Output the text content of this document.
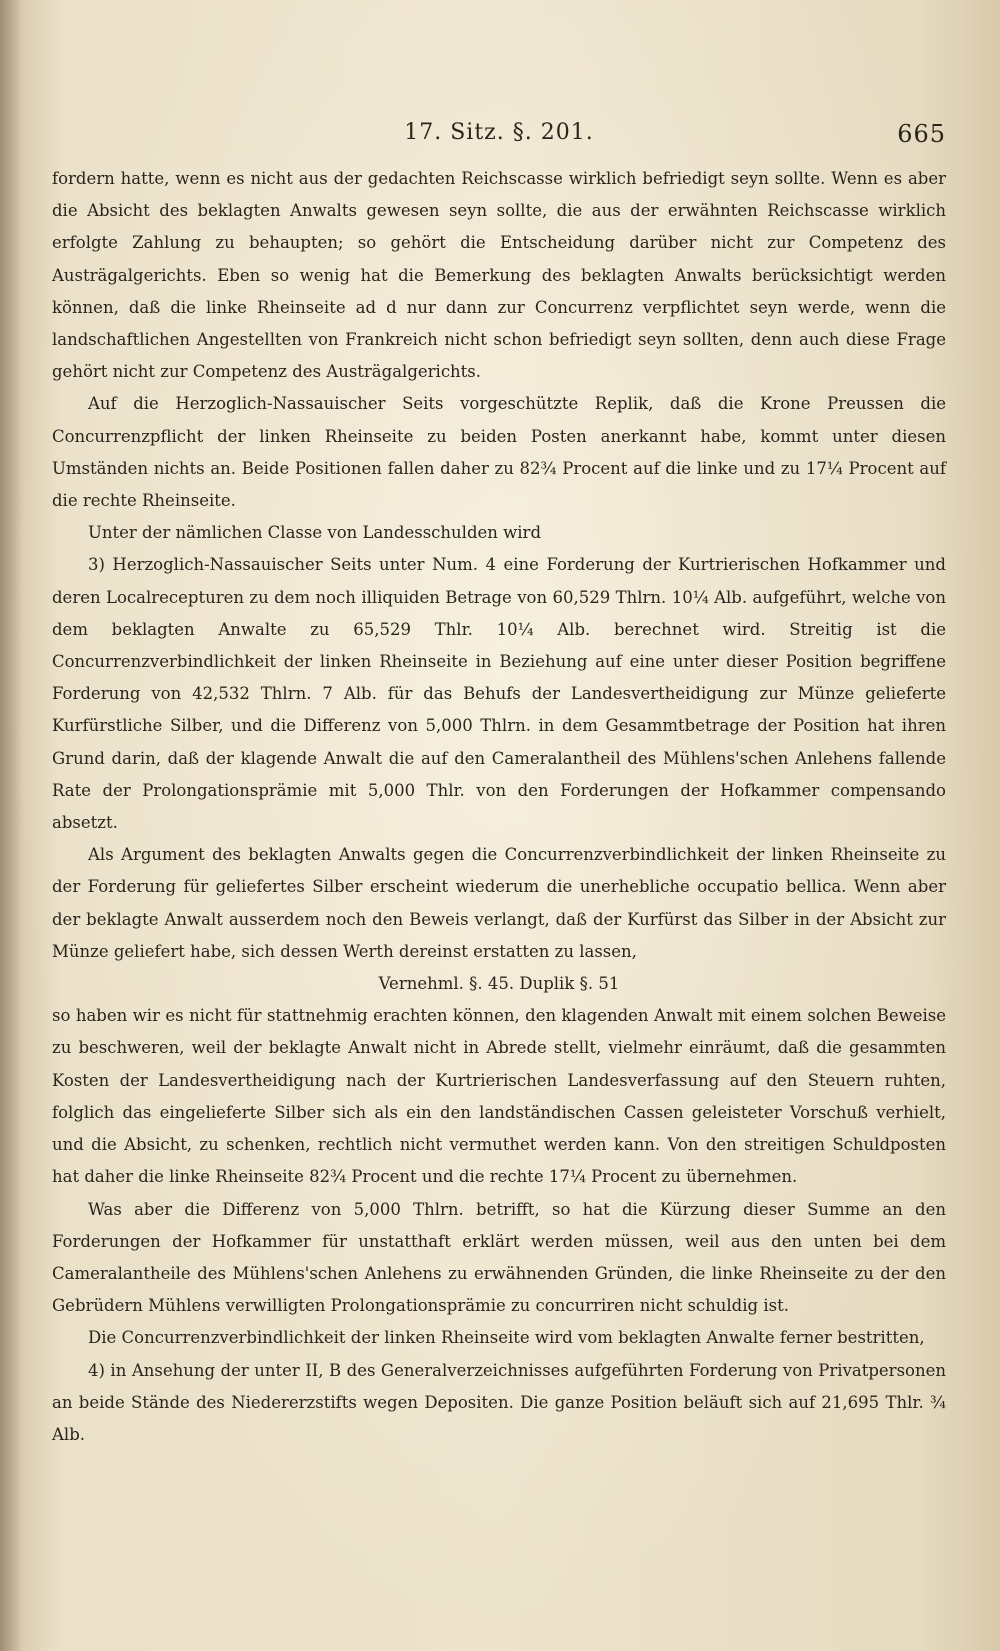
17. Sitz. §. 201.	665

fordern hatte, wenn es nicht aus der gedachten Reichscasse wirklich befriedigt seyn sollte. Wenn es aber die Absicht des beklagten Anwalts gewesen seyn sollte, die aus der erwähnten Reichscasse wirklich erfolgte Zahlung zu behaupten; so gehört die Entscheidung darüber nicht zur Competenz des Austrägalgerichts. Eben so wenig hat die Bemerkung des beklagten Anwalts berücksichtigt werden können, daß die linke Rheinseite ad d nur dann zur Concurrenz verpflichtet seyn werde, wenn die landschaftlichen Angestellten von Frankreich nicht schon befriedigt seyn sollten, denn auch diese Frage gehört nicht zur Competenz des Austrägalgerichts.

Auf die Herzoglich-Nassauischer Seits vorgeschützte Replik, daß die Krone Preussen die Concurrenzpflicht der linken Rheinseite zu beiden Posten anerkannt habe, kommt unter diesen Umständen nichts an. Beide Positionen fallen daher zu 82¾ Procent auf die linke und zu 17¼ Procent auf die rechte Rheinseite.

Unter der nämlichen Classe von Landesschulden wird

3) Herzoglich-Nassauischer Seits unter Num. 4 eine Forderung der Kurtrierischen Hofkammer und deren Localrecepturen zu dem noch illiquiden Betrage von 60,529 Thlrn. 10¼ Alb. aufgeführt, welche von dem beklagten Anwalte zu 65,529 Thlr. 10¼ Alb. berechnet wird. Streitig ist die Concurrenzverbindlichkeit der linken Rheinseite in Beziehung auf eine unter dieser Position begriffene Forderung von 42,532 Thlrn. 7 Alb. für das Behufs der Landesvertheidigung zur Münze gelieferte Kurfürstliche Silber, und die Differenz von 5,000 Thlrn. in dem Gesammtbetrage der Position hat ihren Grund darin, daß der klagende Anwalt die auf den Cameralantheil des Mühlens'schen Anlehens fallende Rate der Prolongationsprämie mit 5,000 Thlr. von den Forderungen der Hofkammer compensando absetzt.

Als Argument des beklagten Anwalts gegen die Concurrenzverbindlichkeit der linken Rheinseite zu der Forderung für geliefertes Silber erscheint wiederum die unerhebliche occupatio bellica. Wenn aber der beklagte Anwalt ausserdem noch den Beweis verlangt, daß der Kurfürst das Silber in der Absicht zur Münze geliefert habe, sich dessen Werth dereinst erstatten zu lassen,

Vernehml. §. 45. Duplik §. 51

so haben wir es nicht für stattnehmig erachten können, den klagenden Anwalt mit einem solchen Beweise zu beschweren, weil der beklagte Anwalt nicht in Abrede stellt, vielmehr einräumt, daß die gesammten Kosten der Landesvertheidigung nach der Kurtrierischen Landesverfassung auf den Steuern ruhten, folglich das eingelieferte Silber sich als ein den landständischen Cassen geleisteter Vorschuß verhielt, und die Absicht, zu schenken, rechtlich nicht vermuthet werden kann. Von den streitigen Schuldposten hat daher die linke Rheinseite 82¾ Procent und die rechte 17¼ Procent zu übernehmen.

Was aber die Differenz von 5,000 Thlrn. betrifft, so hat die Kürzung dieser Summe an den Forderungen der Hofkammer für unstatthaft erklärt werden müssen, weil aus den unten bei dem Cameralantheile des Mühlens'schen Anlehens zu erwähnenden Gründen, die linke Rheinseite zu der den Gebrüdern Mühlens verwilligten Prolongationsprämie zu concurriren nicht schuldig ist.

Die Concurrenzverbindlichkeit der linken Rheinseite wird vom beklagten Anwalte ferner bestritten,

4) in Ansehung der unter II, B des Generalverzeichnisses aufgeführten Forderung von Privatpersonen an beide Stände des Niedererzstifts wegen Depositen. Die ganze Position beläuft sich auf 21,695 Thlr. ¾ Alb.
